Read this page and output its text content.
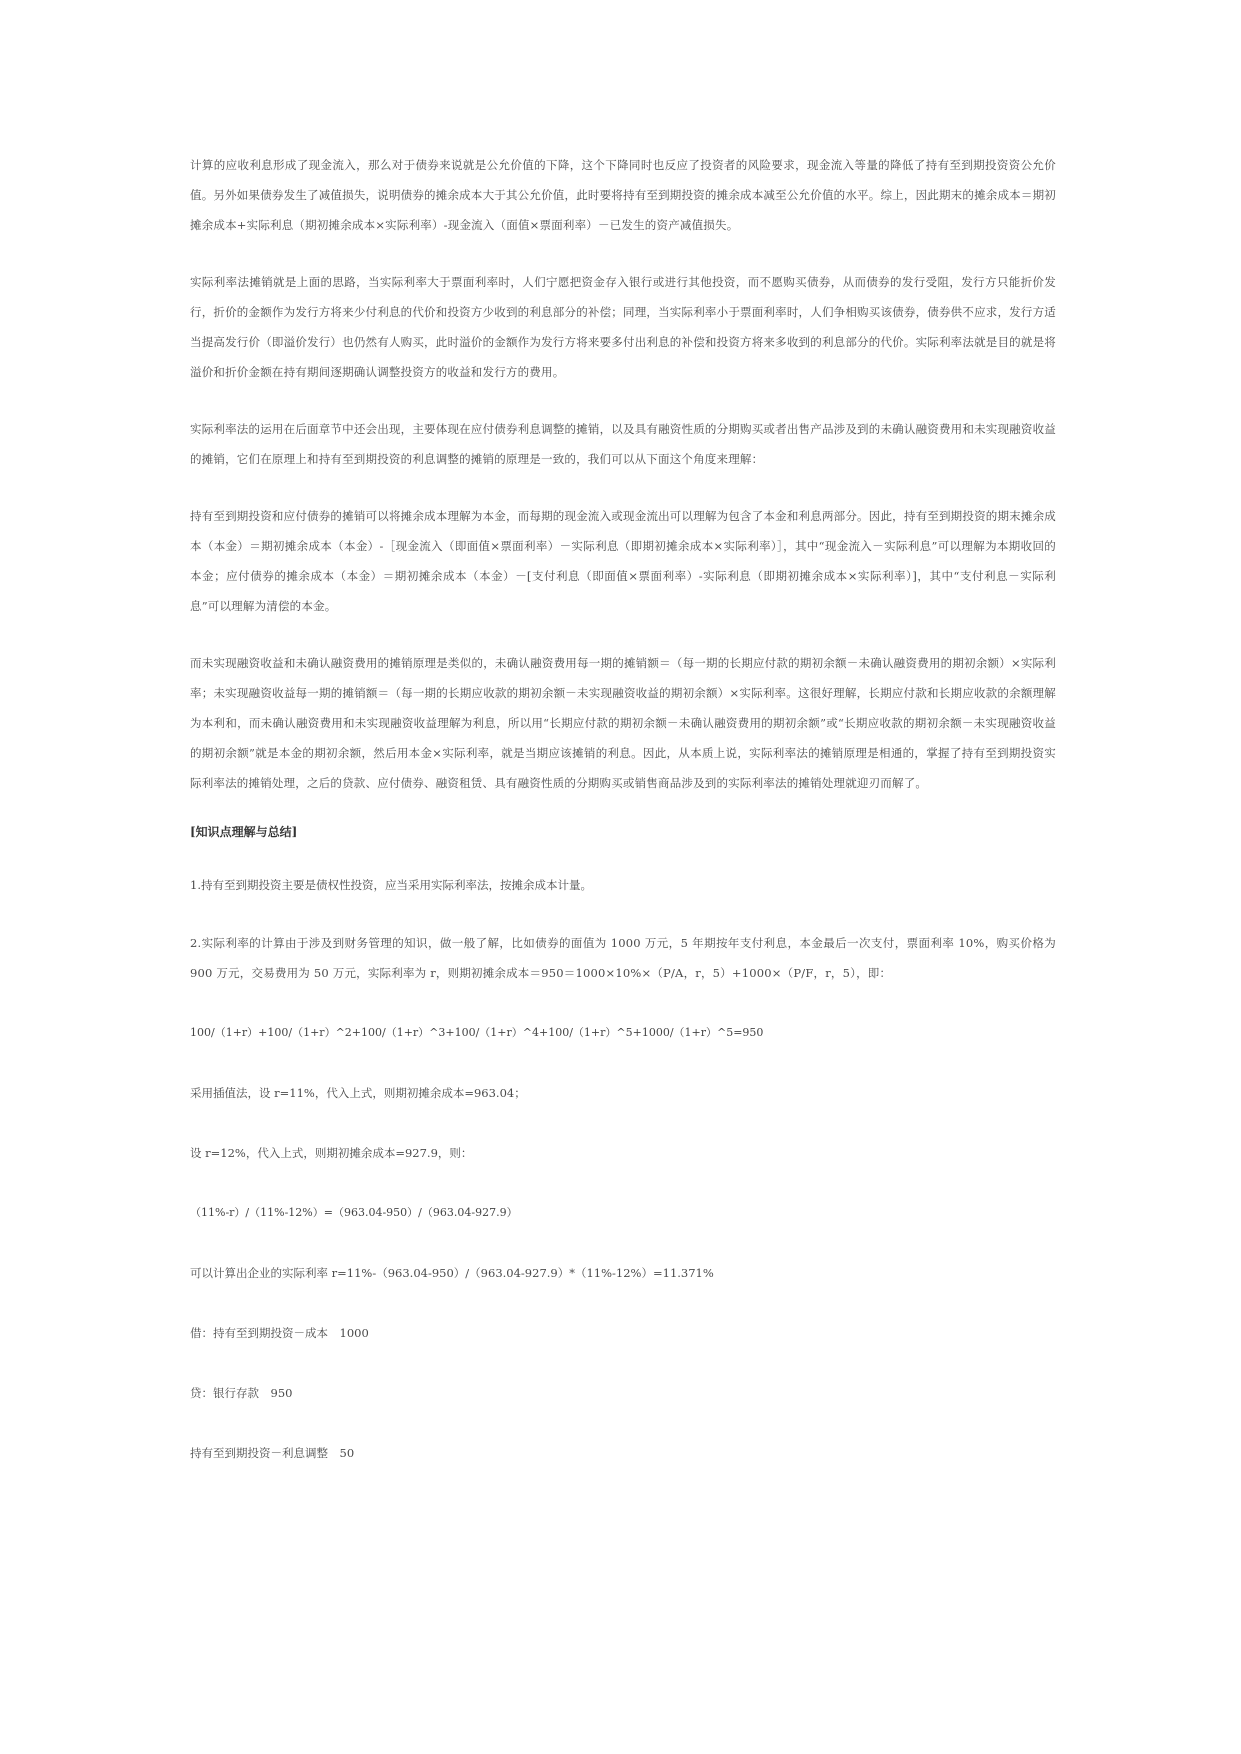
计算的应收利息形成了现金流入，那么对于债券来说就是公允价值的下降，这个下降同时也反应了投资者的风险要求，现金流入等量的降低了持有至到期投资资公允价值。另外如果债券发生了减值损失，说明债券的摊余成本大于其公允价值，此时要将持有至到期投资的摊余成本减至公允价值的水平。综上，因此期末的摊余成本＝期初摊余成本+实际利息（期初摊余成本×实际利率）-现金流入（面值×票面利率）－已发生的资产减值损失。

实际利率法摊销就是上面的思路，当实际利率大于票面利率时，人们宁愿把资金存入银行或进行其他投资，而不愿购买债券，从而债券的发行受阻，发行方只能折价发行，折价的金额作为发行方将来少付利息的代价和投资方少收到的利息部分的补偿；同理，当实际利率小于票面利率时，人们争相购买该债券，债券供不应求，发行方适当提高发行价（即溢价发行）也仍然有人购买，此时溢价的金额作为发行方将来要多付出利息的补偿和投资方将来多收到的利息部分的代价。实际利率法就是目的就是将溢价和折价金额在持有期间逐期确认调整投资方的收益和发行方的费用。

实际利率法的运用在后面章节中还会出现，主要体现在应付债券利息调整的摊销，以及具有融资性质的分期购买或者出售产品涉及到的未确认融资费用和未实现融资收益的摊销，它们在原理上和持有至到期投资的利息调整的摊销的原理是一致的，我们可以从下面这个角度来理解：

持有至到期投资和应付债券的摊销可以将摊余成本理解为本金，而每期的现金流入或现金流出可以理解为包含了本金和利息两部分。因此，持有至到期投资的期末摊余成本（本金）＝期初摊余成本（本金）-［现金流入（即面值×票面利率）－实际利息（即期初摊余成本×实际利率）］，其中“现金流入－实际利息”可以理解为本期收回的本金；应付债券的摊余成本（本金）＝期初摊余成本（本金）－[支付利息（即面值×票面利率）-实际利息（即期初摊余成本×实际利率）]，其中“支付利息－实际利息”可以理解为清偿的本金。

而未实现融资收益和未确认融资费用的摊销原理是类似的，未确认融资费用每一期的摊销额＝（每一期的长期应付款的期初余额－未确认融资费用的期初余额）×实际利率；未实现融资收益每一期的摊销额＝（每一期的长期应收款的期初余额－未实现融资收益的期初余额）×实际利率。这很好理解，长期应付款和长期应收款的余额理解为本利和，而未确认融资费用和未实现融资收益理解为利息，所以用“长期应付款的期初余额－未确认融资费用的期初余额”或“长期应收款的期初余额－未实现融资收益的期初余额”就是本金的期初余额，然后用本金×实际利率，就是当期应该摊销的利息。因此，从本质上说，实际利率法的摊销原理是相通的，掌握了持有至到期投资实际利率法的摊销处理，之后的贷款、应付债券、融资租赁、具有融资性质的分期购买或销售商品涉及到的实际利率法的摊销处理就迎刃而解了。

[知识点理解与总结]

1.持有至到期投资主要是债权性投资，应当采用实际利率法，按摊余成本计量。

2.实际利率的计算由于涉及到财务管理的知识，做一般了解，比如债券的面值为 1000 万元，5 年期按年支付利息，本金最后一次支付，票面利率 10%，购买价格为 900 万元，交易费用为 50 万元，实际利率为 r，则期初摊余成本＝950＝1000×10%×（P/A，r，5）+1000×（P/F，r，5），即：

100/（1+r）+100/（1+r）^2+100/（1+r）^3+100/（1+r）^4+100/（1+r）^5+1000/（1+r）^5=950

采用插值法，设 r=11%，代入上式，则期初摊余成本=963.04；

设 r=12%，代入上式，则期初摊余成本=927.9，则：

（11%-r）/（11%-12%）=（963.04-950）/（963.04-927.9）

可以计算出企业的实际利率 r=11%-（963.04-950）/（963.04-927.9）*（11%-12%）=11.371%

借：持有至到期投资－成本　1000

贷：银行存款　950

持有至到期投资－利息调整　50
